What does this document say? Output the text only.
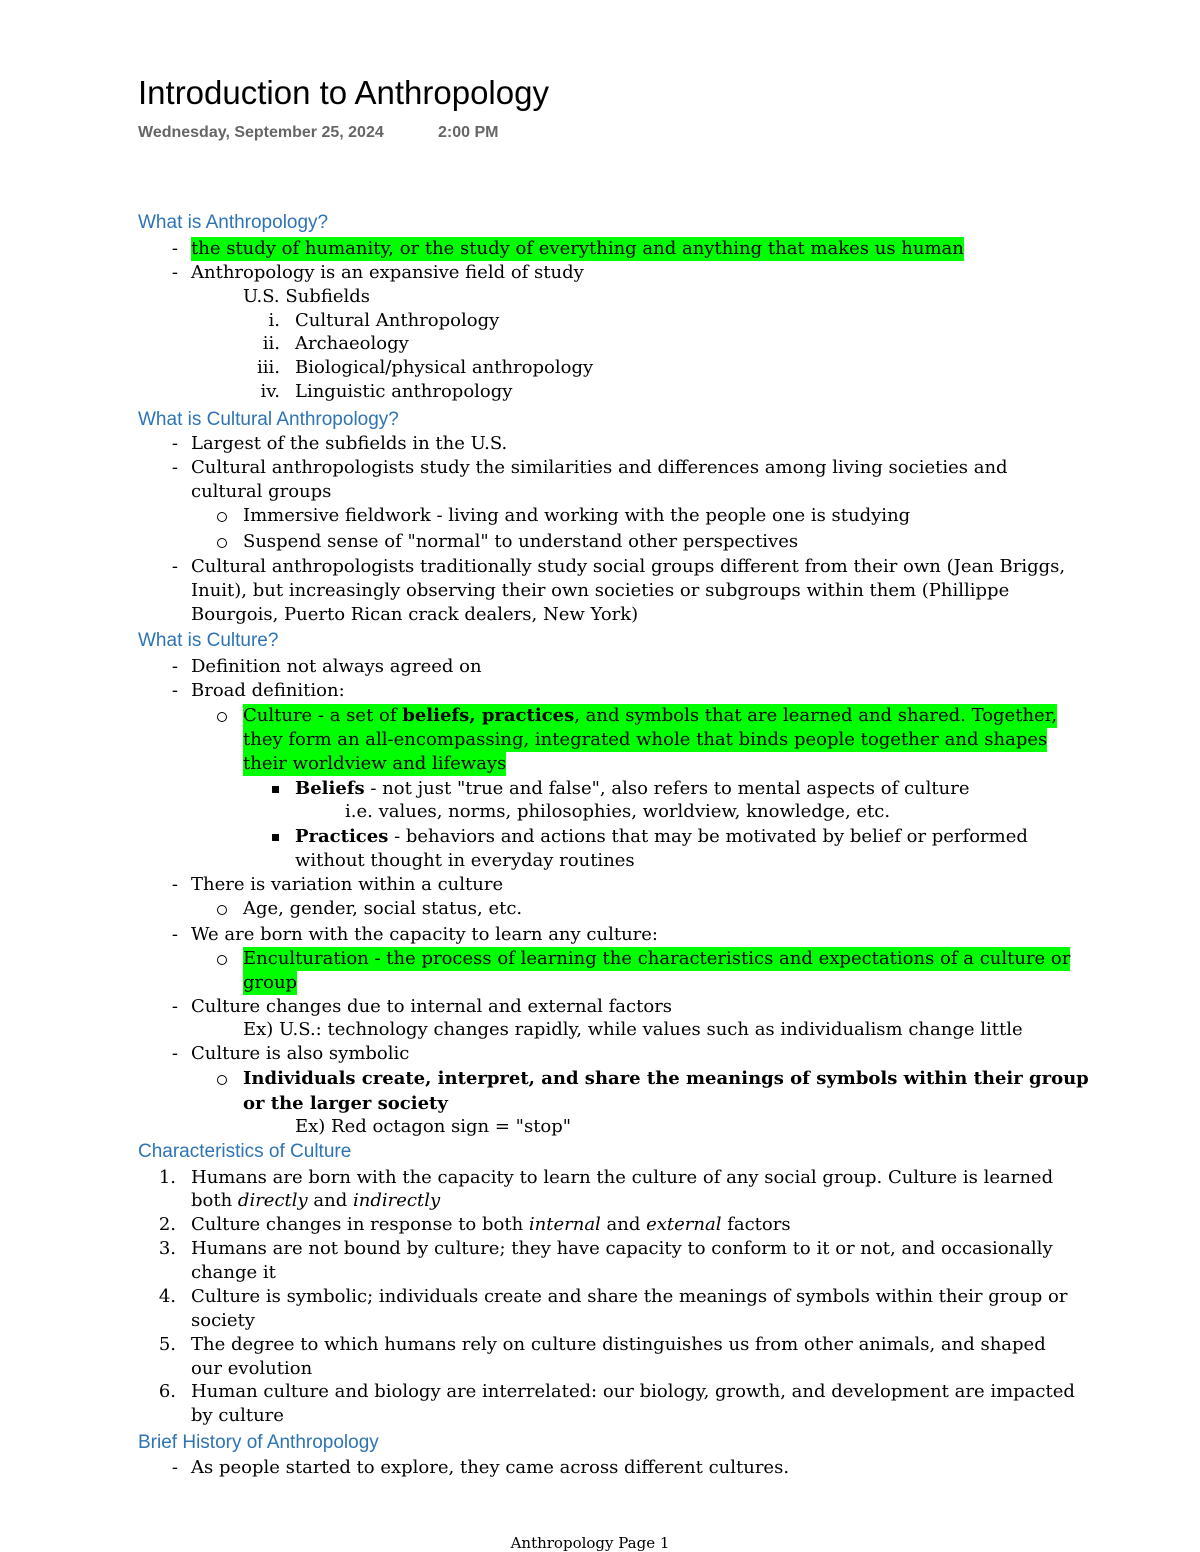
Introduction to Anthropology
Wednesday, September 25, 2024	2:00 PM
What is Anthropology?
- the study of humanity, or the study of everything and anything that makes us human
- Anthropology is an expansive field of study
U.S. Subfields
i. Cultural Anthropology
ii. Archaeology
iii. Biological/physical anthropology
iv. Linguistic anthropology
What is Cultural Anthropology?
- Largest of the subfields in the U.S.
- Cultural anthropologists study the similarities and differences among living societies and
cultural groups
Immersive fieldwork - living and working with the people one is studying
Suspend sense of "normal" to understand other perspectives
- Cultural anthropologists traditionally study social groups different from their own (Jean Briggs,
Inuit), but increasingly observing their own societies or subgroups within them (Phillippe
Bourgois, Puerto Rican crack dealers, New York)
What is Culture?
- Definition not always agreed on
- Broad definition:
Culture - a set of beliefs, practices, and symbols that are learned and shared. Together,
they form an all-encompassing, integrated whole that binds people together and shapes
their worldview and lifeways
Beliefs - not just "true and false", also refers to mental aspects of culture
i.e. values, norms, philosophies, worldview, knowledge, etc.
Practices - behaviors and actions that may be motivated by belief or performed
without thought in everyday routines
- There is variation within a culture
Age, gender, social status, etc.
- We are born with the capacity to learn any culture:
Enculturation - the process of learning the characteristics and expectations of a culture or
group
- Culture changes due to internal and external factors
Ex) U.S.: technology changes rapidly, while values such as individualism change little
- Culture is also symbolic
Individuals create, interpret, and share the meanings of symbols within their group
or the larger society
Ex) Red octagon sign = "stop"
Characteristics of Culture
1. Humans are born with the capacity to learn the culture of any social group. Culture is learned
both directly and indirectly
2. Culture changes in response to both internal and external factors
3. Humans are not bound by culture; they have capacity to conform to it or not, and occasionally
change it
4. Culture is symbolic; individuals create and share the meanings of symbols within their group or
society
5. The degree to which humans rely on culture distinguishes us from other animals, and shaped
our evolution
6. Human culture and biology are interrelated: our biology, growth, and development are impacted
by culture
Brief History of Anthropology
- As people started to explore, they came across different cultures.
Anthropology Page 1
